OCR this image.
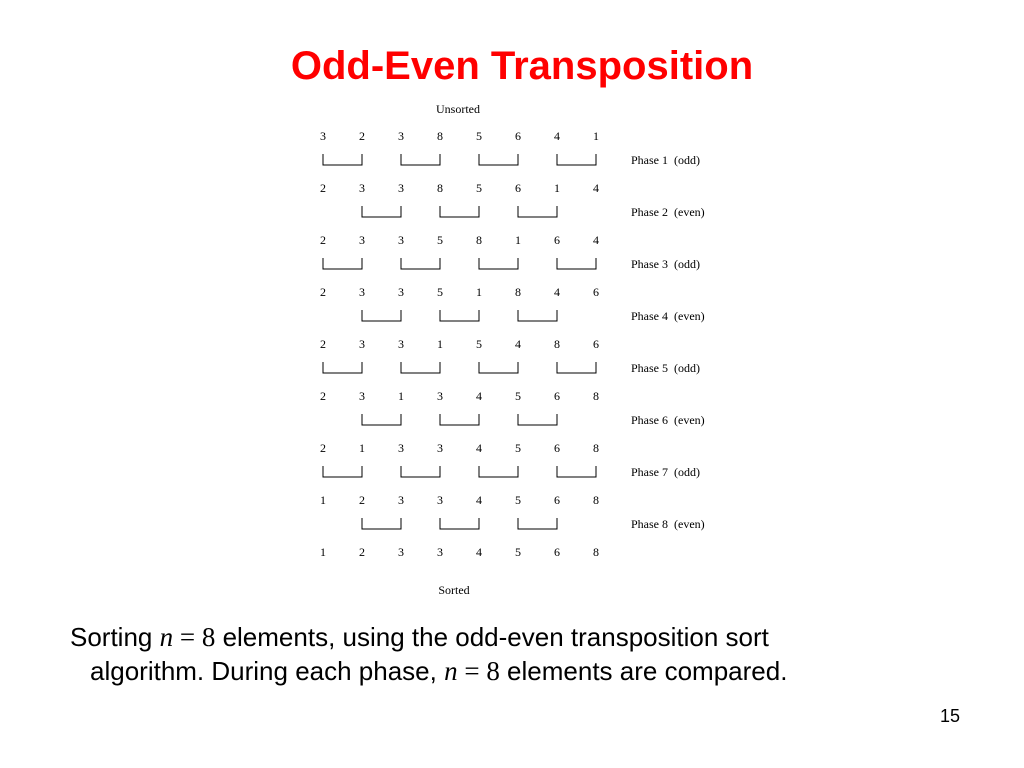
Odd-Even Transposition
Unsorted
3	2	3	8	5	6	4	1
2	3	3	8	5	6	1	4
2	3	3	5	8	1	6	4
2	3	3	5	1	8	4	6
2	3	3	1	5	4	8	6
2	3	1	3	4	5	6	8
2	1	3	3	4	5	6	8
1	2	3	3	4	5	6	8
1	2	3	3	4	5	6	8
Phase 1  (odd)
Phase 2  (even)
Phase 3  (odd)
Phase 4  (even)
Phase 5  (odd)
Phase 6  (even)
Phase 7  (odd)
Phase 8  (even)
Sorted
Sorting n = 8 elements, using the odd-even transposition sort
algorithm. During each phase, n = 8 elements are compared.
15
